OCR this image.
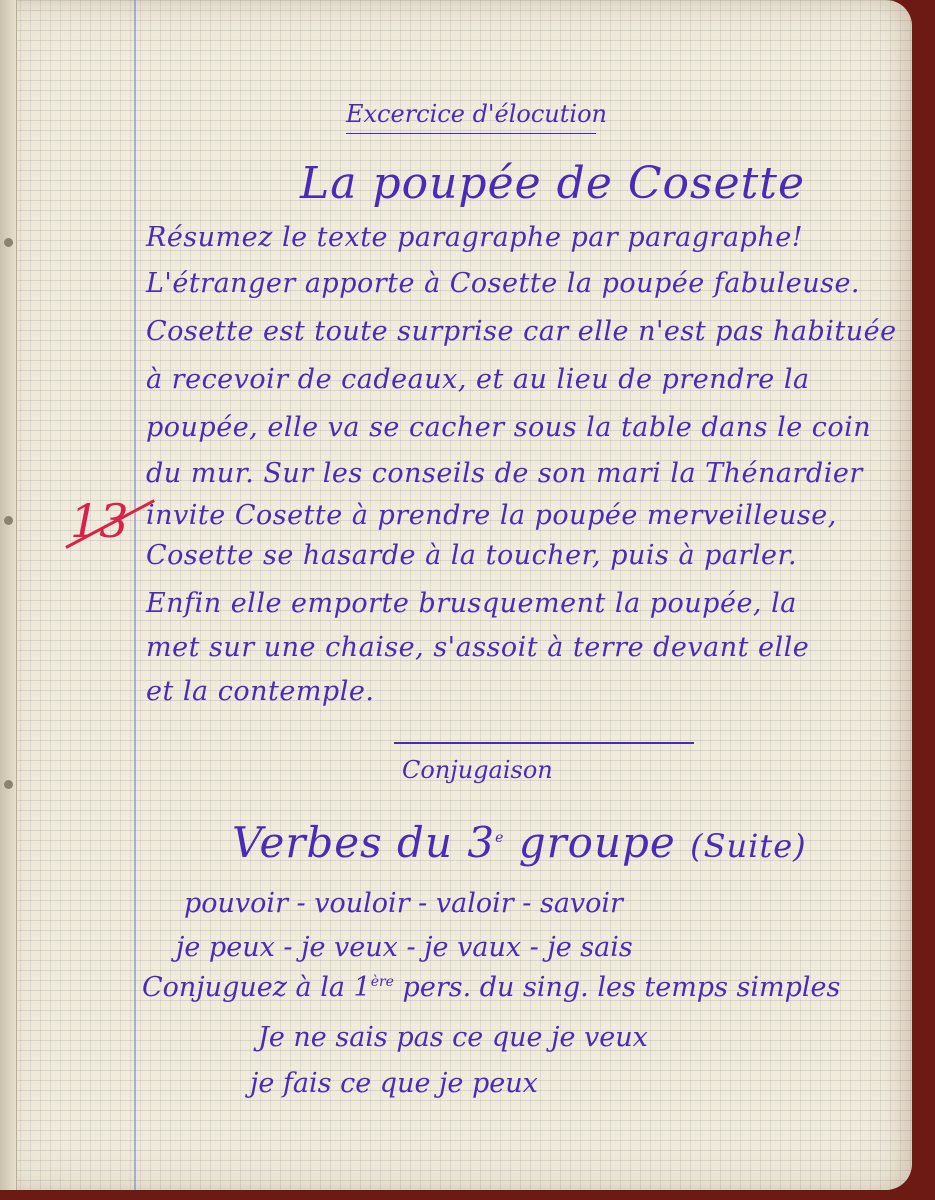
Excercice d'élocution
La poupée de Cosette
Résumez le texte paragraphe par paragraphe!
L'étranger apporte à Cosette la poupée fabuleuse.
Cosette est toute surprise car elle n'est pas habituée
à recevoir de cadeaux, et au lieu de prendre la
poupée, elle va se cacher sous la table dans le coin
du mur. Sur les conseils de son mari la Thénardier
invite Cosette à prendre la poupée merveilleuse,
Cosette se hasarde à la toucher, puis à parler.
Enfin elle emporte brusquement la poupée, la
met sur une chaise, s'assoit à terre devant elle
et la contemple.
13
Conjugaison
Verbes du 3e groupe (Suite)
pouvoir - vouloir - valoir - savoir
je peux - je veux - je vaux - je sais
Conjuguez à la 1ère pers. du sing. les temps simples
Je ne sais pas ce que je veux
je fais ce que je peux
